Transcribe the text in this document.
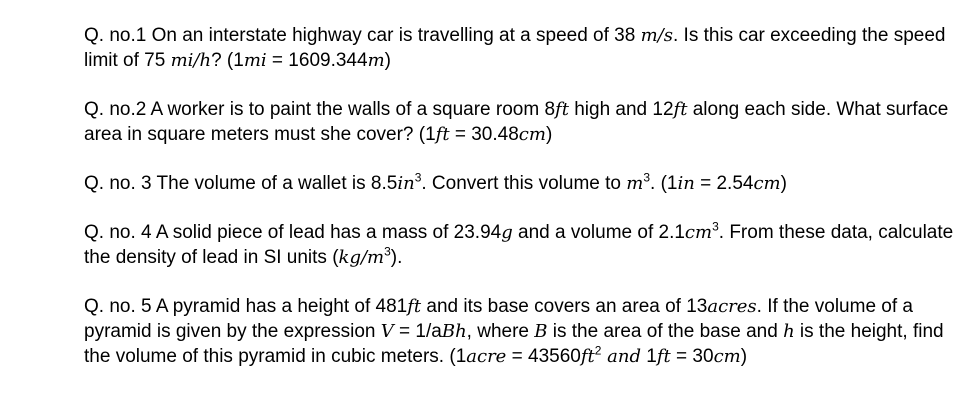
Q. no.1 On an interstate highway car is travelling at a speed of 38 m/s. Is this car exceeding the speed limit of 75 mi/h? (1mi = 1609.344m)

Q. no.2 A worker is to paint the walls of a square room 8ft high and 12ft along each side. What surface area in square meters must she cover? (1ft = 30.48cm)

Q. no. 3 The volume of a wallet is $8.5in^3$. Convert this volume to $m^3$. (1in = 2.54cm)

Q. no. 4 A solid piece of lead has a mass of 23.94g and a volume of $2.1cm^3$. From these data, calculate the density of lead in SI units $(kg/m^3)$.

Q. no. 5 A pyramid has a height of 481ft and its base covers an area of 13acres. If the volume of a pyramid is given by the expression V = 1/aBh, where B is the area of the base and h is the height, find the volume of this pyramid in cubic meters. (1acre = $43560ft^2$ and 1ft = 30cm)
